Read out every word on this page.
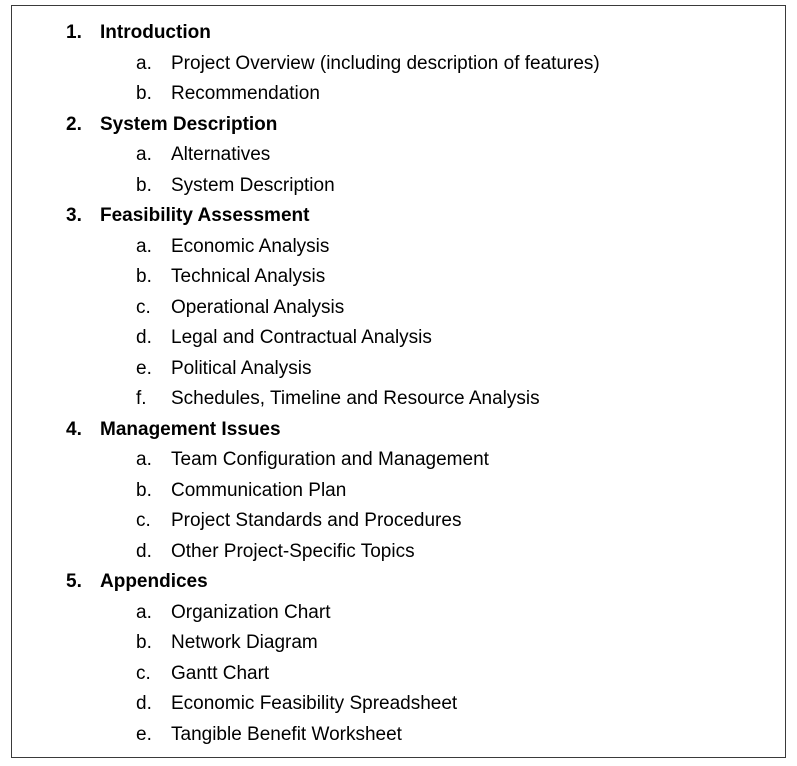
1. Introduction
a. Project Overview (including description of features)
b. Recommendation
2. System Description
a. Alternatives
b. System Description
3. Feasibility Assessment
a. Economic Analysis
b. Technical Analysis
c. Operational Analysis
d. Legal and Contractual Analysis
e. Political Analysis
f. Schedules, Timeline and Resource Analysis
4. Management Issues
a. Team Configuration and Management
b. Communication Plan
c. Project Standards and Procedures
d. Other Project-Specific Topics
5. Appendices
a. Organization Chart
b. Network Diagram
c. Gantt Chart
d. Economic Feasibility Spreadsheet
e. Tangible Benefit Worksheet
